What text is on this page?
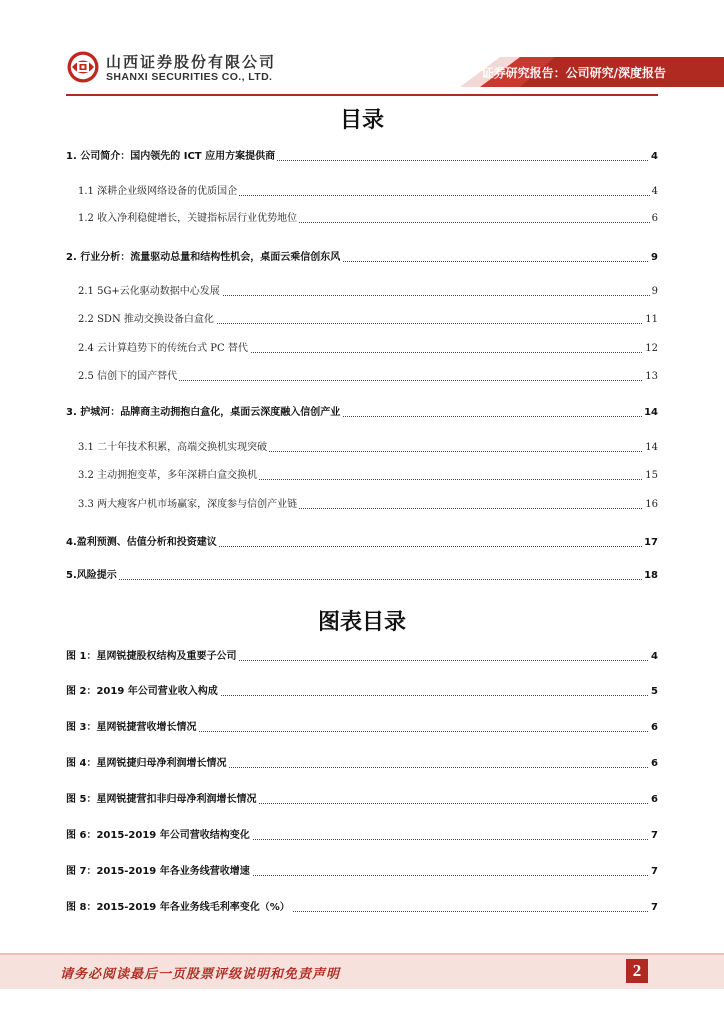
山西证券股份有限公司
SHANXI SECURITIES CO., LTD.	证券研究报告：公司研究/深度报告
目录
1. 公司简介：国内领先的 ICT 应用方案提供商	4
1.1 深耕企业级网络设备的优质国企	4
1.2 收入净利稳健增长，关键指标居行业优势地位	6
2. 行业分析：流量驱动总量和结构性机会，桌面云乘信创东风	9
2.1 5G+云化驱动数据中心发展	9
2.2 SDN 推动交换设备白盒化	11
2.4 云计算趋势下的传统台式 PC 替代	12
2.5 信创下的国产替代	13
3. 护城河：品牌商主动拥抱白盒化，桌面云深度融入信创产业	14
3.1 二十年技术积累，高端交换机实现突破	14
3.2 主动拥抱变革，多年深耕白盒交换机	15
3.3 两大瘦客户机市场赢家，深度参与信创产业链	16
4.盈利预测、估值分析和投资建议	17
5.风险提示	18
图表目录
图 1：星网锐捷股权结构及重要子公司	4
图 2：2019 年公司营业收入构成	5
图 3：星网锐捷营收增长情况	6
图 4：星网锐捷归母净利润增长情况	6
图 5：星网锐捷营扣非归母净利润增长情况	6
图 6：2015-2019 年公司营收结构变化	7
图 7：2015-2019 年各业务线营收增速	7
图 8：2015-2019 年各业务线毛利率变化（%）	7
请务必阅读最后一页股票评级说明和免责声明	2
